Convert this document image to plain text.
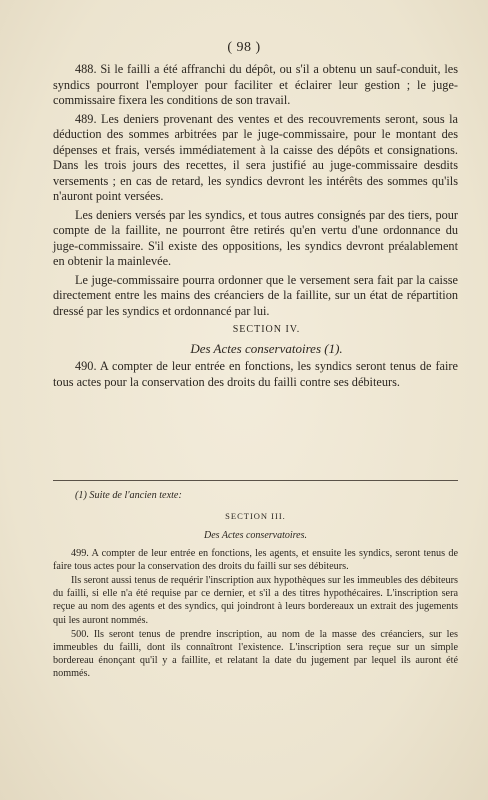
( 98 )

488. Si le failli a été affranchi du dépôt, ou s'il a obtenu un sauf-conduit, les syndics pourront l'employer pour faciliter et éclairer leur gestion ; le juge-commissaire fixera les conditions de son travail.

489. Les deniers provenant des ventes et des recouvrements seront, sous la déduction des sommes arbitrées par le juge-commissaire, pour le montant des dépenses et frais, versés immédiatement à la caisse des dépôts et consignations. Dans les trois jours des recettes, il sera justifié au juge-commissaire desdits versements ; en cas de retard, les syndics devront les intérêts des sommes qu'ils n'auront point versées.

Les deniers versés par les syndics, et tous autres consignés par des tiers, pour compte de la faillite, ne pourront être retirés qu'en vertu d'une ordonnance du juge-commissaire. S'il existe des oppositions, les syndics devront préalablement en obtenir la mainlevée.

Le juge-commissaire pourra ordonner que le versement sera fait par la caisse directement entre les mains des créanciers de la faillite, sur un état de répartition dressé par les syndics et ordonnancé par lui.

SECTION IV.

Des Actes conservatoires (1).

490. A compter de leur entrée en fonctions, les syndics seront tenus de faire tous actes pour la conservation des droits du failli contre ses débiteurs.

(1) Suite de l'ancien texte:

SECTION III.

Des Actes conservatoires.

499. A compter de leur entrée en fonctions, les agents, et ensuite les syndics, seront tenus de faire tous actes pour la conservation des droits du failli sur ses débiteurs.

Ils seront aussi tenus de requérir l'inscription aux hypothèques sur les immeubles des débiteurs du failli, si elle n'a été requise par ce dernier, et s'il a des titres hypothécaires. L'inscription sera reçue au nom des agents et des syndics, qui joindront à leurs bordereaux un extrait des jugements qui les auront nommés.

500. Ils seront tenus de prendre inscription, au nom de la masse des créanciers, sur les immeubles du failli, dont ils connaîtront l'existence. L'inscription sera reçue sur un simple bordereau énonçant qu'il y a faillite, et relatant la date du jugement par lequel ils auront été nommés.
